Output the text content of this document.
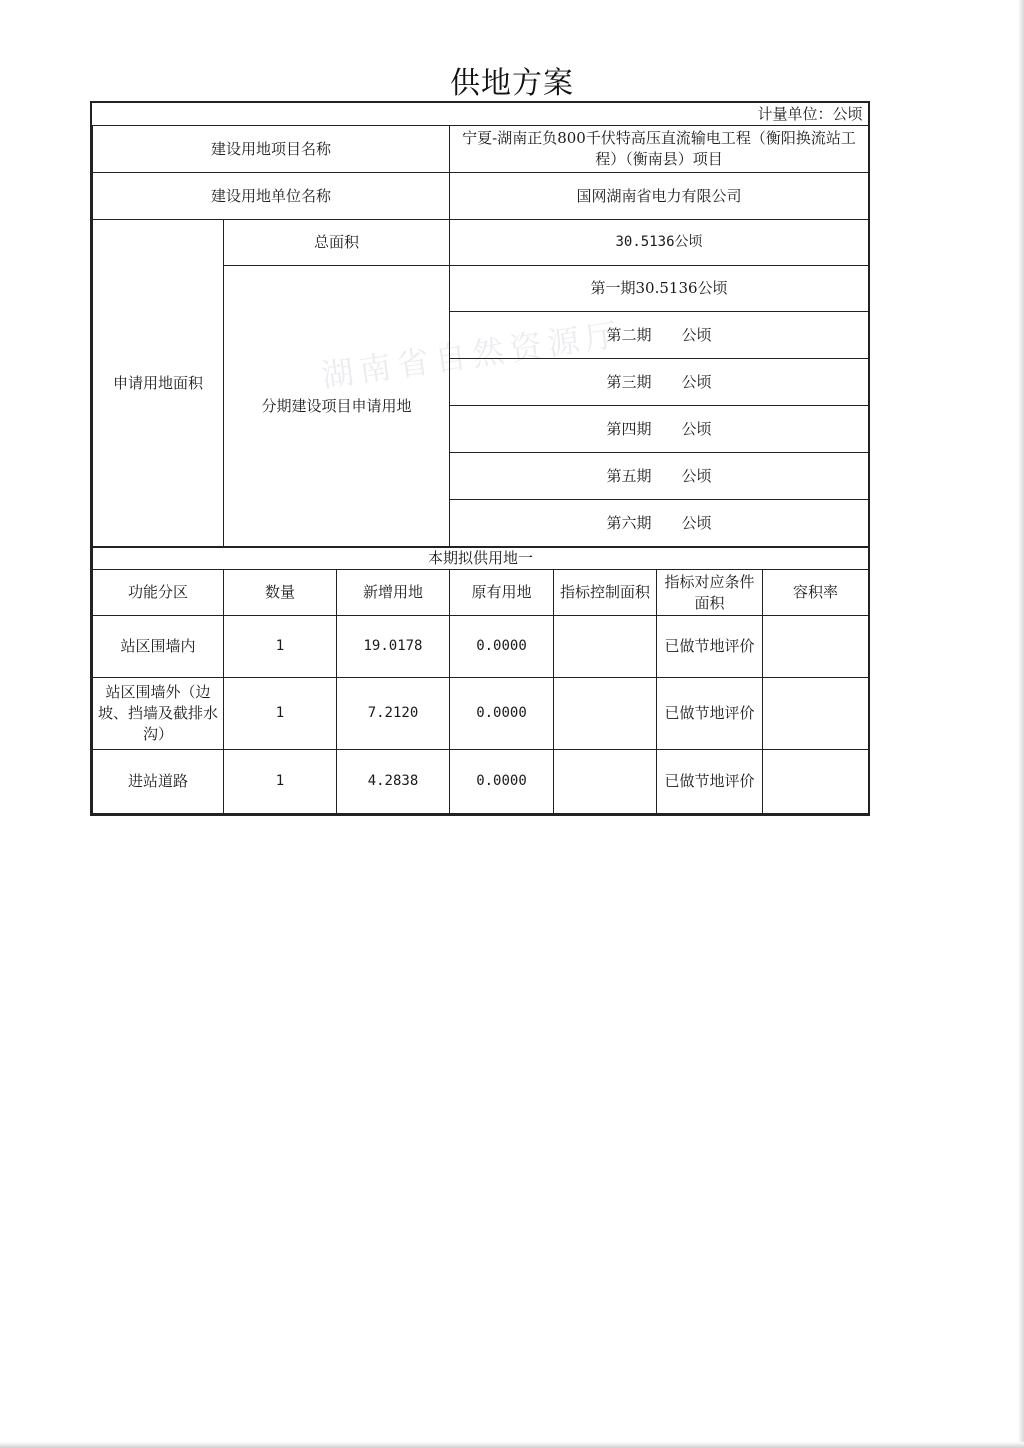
湖南省自然资源厅
供地方案
计量单位：公顷		
建设用地项目名称		宁夏-湖南正负800千伏特高压直流输电工程（衡阳换流站工程）（衡南县）项目
建设用地单位名称		国网湖南省电力有限公司
申请用地面积	总面积	30.5136公顷
	分期建设项目申请用地	第一期30.5136公顷
		第二期　　公顷
		第三期　　公顷
		第四期　　公顷
		第五期　　公顷
		第六期　　公顷
本期拟供用地一						
功能分区	数量	新增用地	原有用地	指标控制面积	指标对应条件面积	容积率
站区围墙内	1	19.0178	0.0000		已做节地评价	
站区围墙外（边坡、挡墙及截排水沟）	1	7.2120	0.0000		已做节地评价	
进站道路	1	4.2838	0.0000		已做节地评价	
